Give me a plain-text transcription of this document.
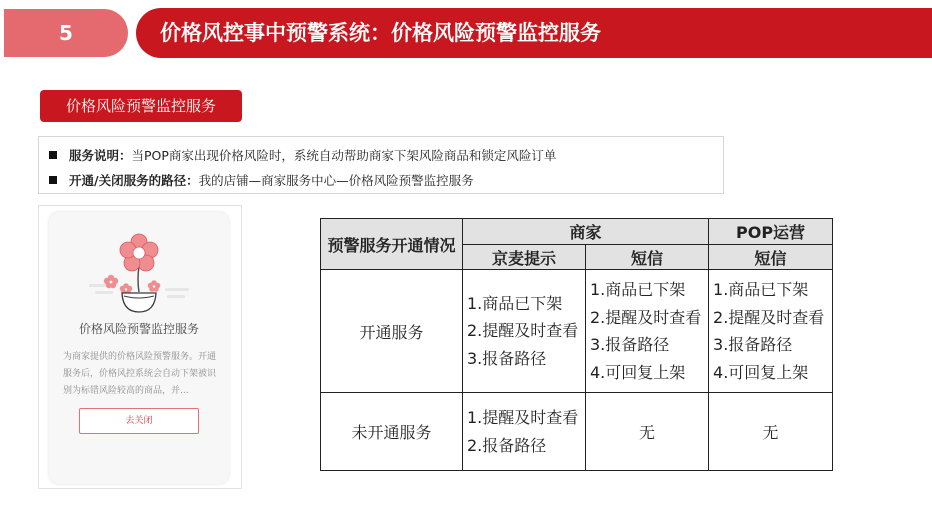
价格风控事中预警系统：价格风险预警监控服务
5
价格风险预警监控服务
服务说明：当POP商家出现价格风险时，系统自动帮助商家下架风险商品和锁定风险订单
开通/关闭服务的路径：我的店铺—商家服务中心—价格风险预警监控服务
价格风险预警监控服务
为商家提供的价格风险预警服务。开通服务后，价格风控系统会自动下架被识别为标错风险较高的商品，并...
去关闭
预警服务开通情况	商家		POP运营
	京麦提示	短信	短信
开通服务	1.商品已下架
2.提醒及时查看
3.报备路径	1.商品已下架
2.提醒及时查看
3.报备路径
4.可回复上架	1.商品已下架
2.提醒及时查看
3.报备路径
4.可回复上架

未开通服务	1.提醒及时查看
2.报备路径	无	无
